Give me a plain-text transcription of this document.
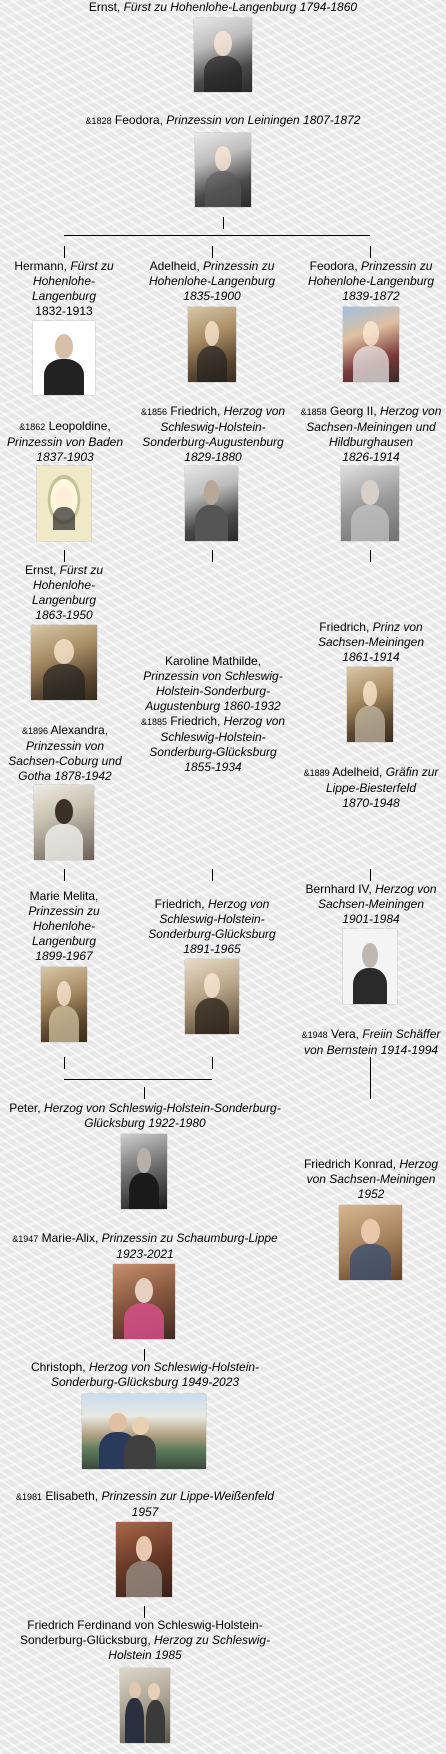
Ernst, Fürst zu Hohenlohe-Langenburg 1794-1860
&1828 Feodora, Prinzessin von Leiningen 1807-1872
Hermann, Fürst zu
Hohenlohe-
Langenburg
1832-1913
Adelheid, Prinzessin zu
Hohenlohe-Langenburg
1835-1900
Feodora, Prinzessin zu
Hohenlohe-Langenburg
1839-1872
&1862 Leopoldine,
Prinzessin von Baden
1837-1903
&1856 Friedrich, Herzog von
Schleswig-Holstein-
Sonderburg-Augustenburg
1829-1880
&1858 Georg II, Herzog von
Sachsen-Meiningen und
Hildburghausen
1826-1914
Ernst, Fürst zu
Hohenlohe-
Langenburg
1863-1950
&1896 Alexandra,
Prinzessin von
Sachsen-Coburg und
Gotha 1878-1942
Karoline Mathilde,
Prinzessin von Schleswig-
Holstein-Sonderburg-
Augustenburg 1860-1932
&1885 Friedrich, Herzog von
Schleswig-Holstein-
Sonderburg-Glücksburg
1855-1934
Friedrich, Prinz von
Sachsen-Meiningen
1861-1914
&1889 Adelheid, Gräfin zur
Lippe-Biesterfeld
1870-1948
Marie Melita,
Prinzessin zu
Hohenlohe-
Langenburg
1899-1967
Friedrich, Herzog von
Schleswig-Holstein-
Sonderburg-Glücksburg
1891-1965
Bernhard IV, Herzog von
Sachsen-Meiningen
1901-1984
&1948 Vera, Freiin Schäffer
von Bernstein 1914-1994
Peter, Herzog von Schleswig-Holstein-Sonderburg-
Glücksburg 1922-1980
Friedrich Konrad, Herzog
von Sachsen-Meiningen
1952
&1947 Marie-Alix, Prinzessin zu Schaumburg-Lippe
1923-2021
Christoph, Herzog von Schleswig-Holstein-
Sonderburg-Glücksburg 1949-2023
&1981 Elisabeth, Prinzessin zur Lippe-Weißenfeld
1957
Friedrich Ferdinand von Schleswig-Holstein-
Sonderburg-Glücksburg, Herzog zu Schleswig-
Holstein 1985
